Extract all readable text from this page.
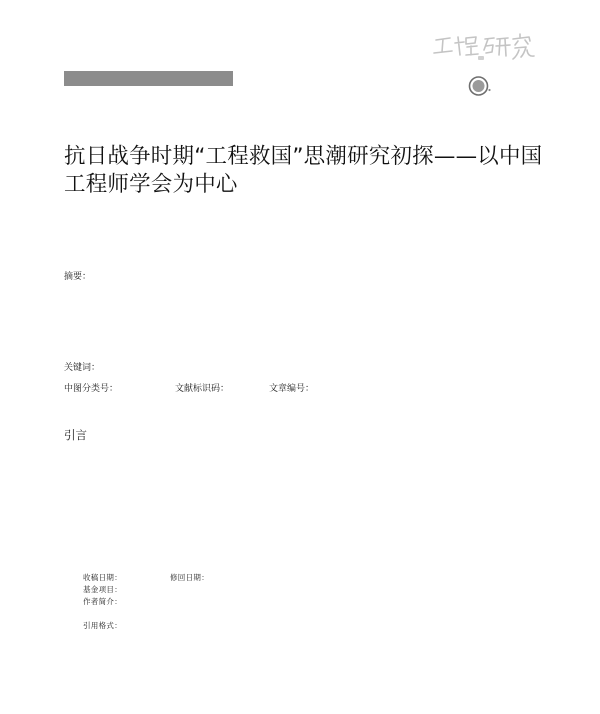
抗日战争时期“工程救国”思潮研究初探——以中国工程师学会为中心
摘要：
关键词：
中图分类号：	文献标识码：	文章编号：
引言
收稿日期：	修回日期：
基金项目：
作者简介：
引用格式：
